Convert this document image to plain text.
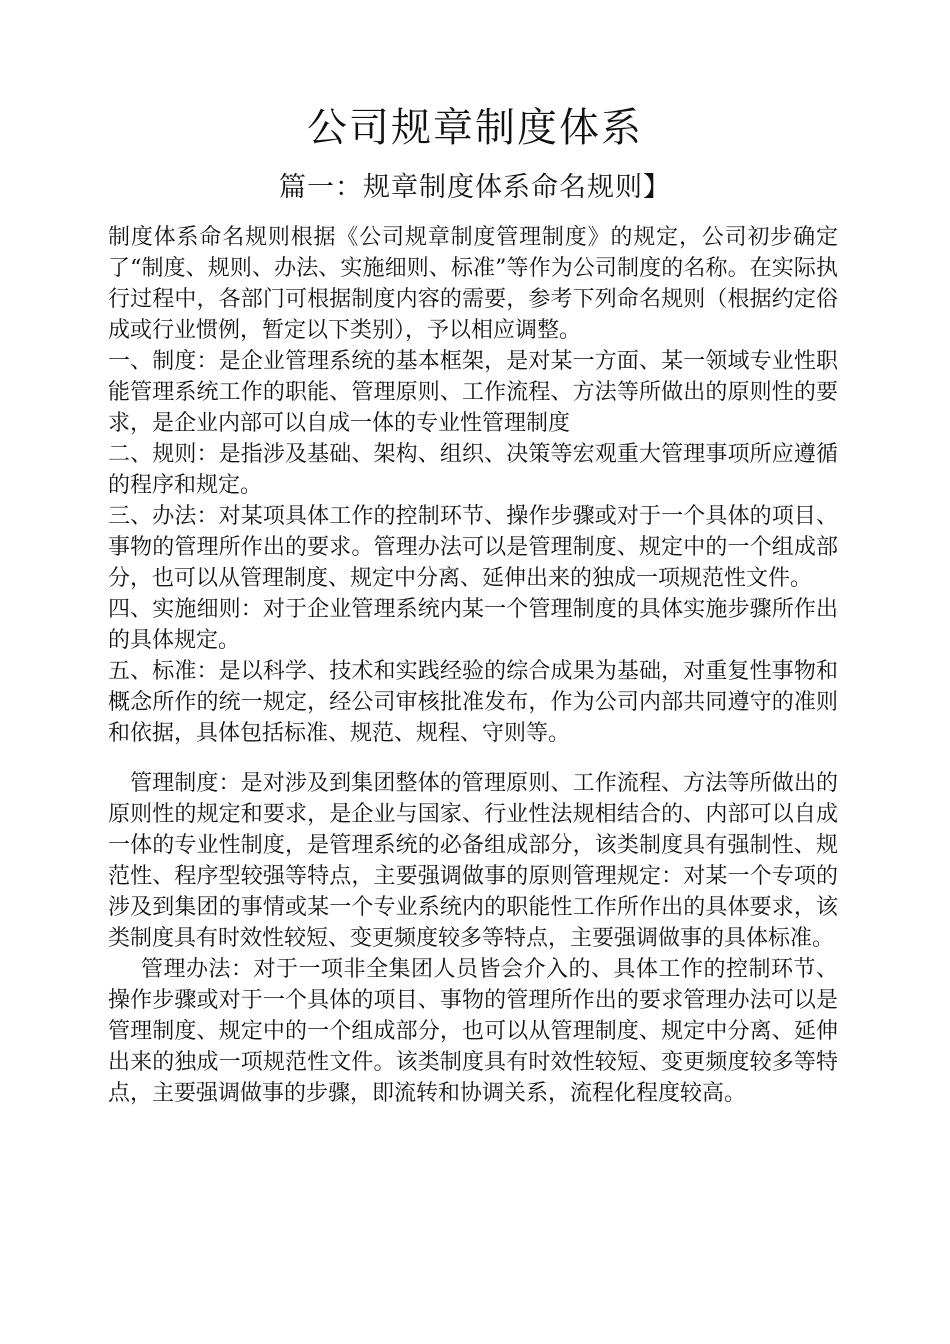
公司规章制度体系
篇一：规章制度体系命名规则】

制度体系命名规则根据《公司规章制度管理制度》的规定，公司初步确定了“制度、规则、办法、实施细则、标准”等作为公司制度的名称。在实际执行过程中，各部门可根据制度内容的需要，参考下列命名规则（根据约定俗成或行业惯例，暂定以下类别），予以相应调整。

一、制度：是企业管理系统的基本框架，是对某一方面、某一领域专业性职能管理系统工作的职能、管理原则、工作流程、方法等所做出的原则性的要求，是企业内部可以自成一体的专业性管理制度

二、规则：是指涉及基础、架构、组织、决策等宏观重大管理事项所应遵循的程序和规定。

三、办法：对某项具体工作的控制环节、操作步骤或对于一个具体的项目、事物的管理所作出的要求。管理办法可以是管理制度、规定中的一个组成部分，也可以从管理制度、规定中分离、延伸出来的独成一项规范性文件。

四、实施细则：对于企业管理系统内某一个管理制度的具体实施步骤所作出的具体规定。

五、标准：是以科学、技术和实践经验的综合成果为基础，对重复性事物和概念所作的统一规定，经公司审核批准发布，作为公司内部共同遵守的准则和依据，具体包括标准、规范、规程、守则等。

管理制度：是对涉及到集团整体的管理原则、工作流程、方法等所做出的原则性的规定和要求，是企业与国家、行业性法规相结合的、内部可以自成一体的专业性制度，是管理系统的必备组成部分，该类制度具有强制性、规范性、程序型较强等特点，主要强调做事的原则管理规定：对某一个专项的涉及到集团的事情或某一个专业系统内的职能性工作所作出的具体要求，该类制度具有时效性较短、变更频度较多等特点，主要强调做事的具体标准。

管理办法：对于一项非全集团人员皆会介入的、具体工作的控制环节、操作步骤或对于一个具体的项目、事物的管理所作出的要求管理办法可以是管理制度、规定中的一个组成部分，也可以从管理制度、规定中分离、延伸出来的独成一项规范性文件。该类制度具有时效性较短、变更频度较多等特点，主要强调做事的步骤，即流转和协调关系，流程化程度较高。
